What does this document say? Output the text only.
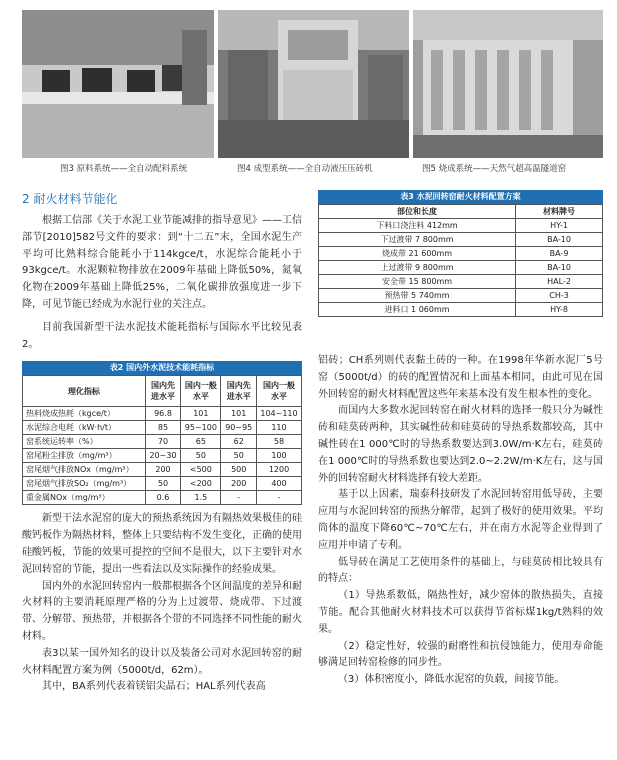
图3 原料系统——全自动配料系统	图4 成型系统——全自动液压压砖机	图5 烧成系统——天然气超高温隧道窑
2 耐火材料节能化

根据工信部《关于水泥工业节能减排的指导意见》——工信部节[2010]582号文件的要求：到“十二五”末，全国水泥生产平均可比熟料综合能耗小于114kgce/t，水泥综合能耗小于93kgce/t。水泥颗粒物排放在2009年基础上降低50%，氮氧化物在2009年基础上降低25%，二氧化碳排放强度进一步下降，可见节能已经成为水泥行业的关注点。

目前我国新型干法水泥技术能耗指标与国际水平比较见表2。

表2 国内外水泥技术能耗指标
理化指标	国内先进水平	国内一般水平	国内先进水平	国内一般水平
热料烧成热耗（kgce/t）	96.8	101	101	104~110
水泥综合电耗（kW·h/t）	85	95~100	90~95	110
窑系统运转率（%）	70	65	62	58
窑尾粉尘排放（mg/m³）	20~30	50	50	100
窑尾烟气排放NOx（mg/m³）	200	<500	500	1200
窑尾烟气排放SO₂（mg/m³）	50	<200	200	400
重金属NOx（mg/m³）	0.6	1.5	-	-

新型干法水泥窑的庞大的预热系统因为有隔热效果极佳的硅酸钙板作为隔热材料，整体上只要结构不发生变化，正确的使用硅酸钙板，节能的效果可提控的空间不是很大，以下主要针对水泥回转窑的节能，提出一些看法以及实际操作的经验成果。

国内外的水泥回转窑内一般都根据各个区间温度的差异和耐火材料的主要消耗原理严格的分为上过渡带、烧成带、下过渡带、分解带、预热带，并根据各个带的不同选择不同性能的耐火材料。

表3以某一国外知名的设计以及装备公司对水泥回转窑的耐火材料配置方案为例（5000t/d，62m）。

其中，BA系列代表着镁铝尖晶石；HAL系列代表高

表3 水泥回转窑耐火材料配置方案
部位和长度	材料牌号
下料口浇注料 412mm	HY-1
下过渡带 7 800mm	BA-10
烧成带 21 600mm	BA-9
上过渡带 9 800mm	BA-10
安全带 15 800mm	HAL-2
预热带 5 740mm	CH-3
进料口 1 060mm	HY-8

铝砖；CH系列则代表黏土砖的一种。在1998年华新水泥厂5号窑（5000t/d）的砖的配置情况和上面基本相同，由此可见在国外回转窑的耐火材料配置这些年来基本没有发生根本性的变化。

而国内大多数水泥回转窑在耐火材料的选择一般只分为碱性砖和硅莫砖两种，其实碱性砖和硅莫砖的导热系数都较高，其中碱性砖在1 000℃时的导热系数要达到3.0W/m·K左右，硅莫砖在1 000℃时的导热系数也要达到2.0~2.2W/m·K左右，这与国外的回转窑耐火材料选择有较大差距。

基于以上因素，瑞泰科技研发了水泥回转窑用低导砖，主要应用与水泥回转窑的预热分解带，起到了极好的使用效果。平均筒体的温度下降60℃~70℃左右，并在南方水泥等企业得到了应用并申请了专利。

低导砖在满足工艺使用条件的基础上，与硅莫砖相比较具有的特点：

（1）导热系数低，隔热性好，减少窑体的散热损失，直接节能。配合其他耐火材料技术可以获得节省标煤1kg/t熟料的效果。

（2）稳定性好，较强的耐磨性和抗侵蚀能力，使用寿命能够满足回转窑检修的同步性。

（3）体积密度小，降低水泥窑的负载，间接节能。
